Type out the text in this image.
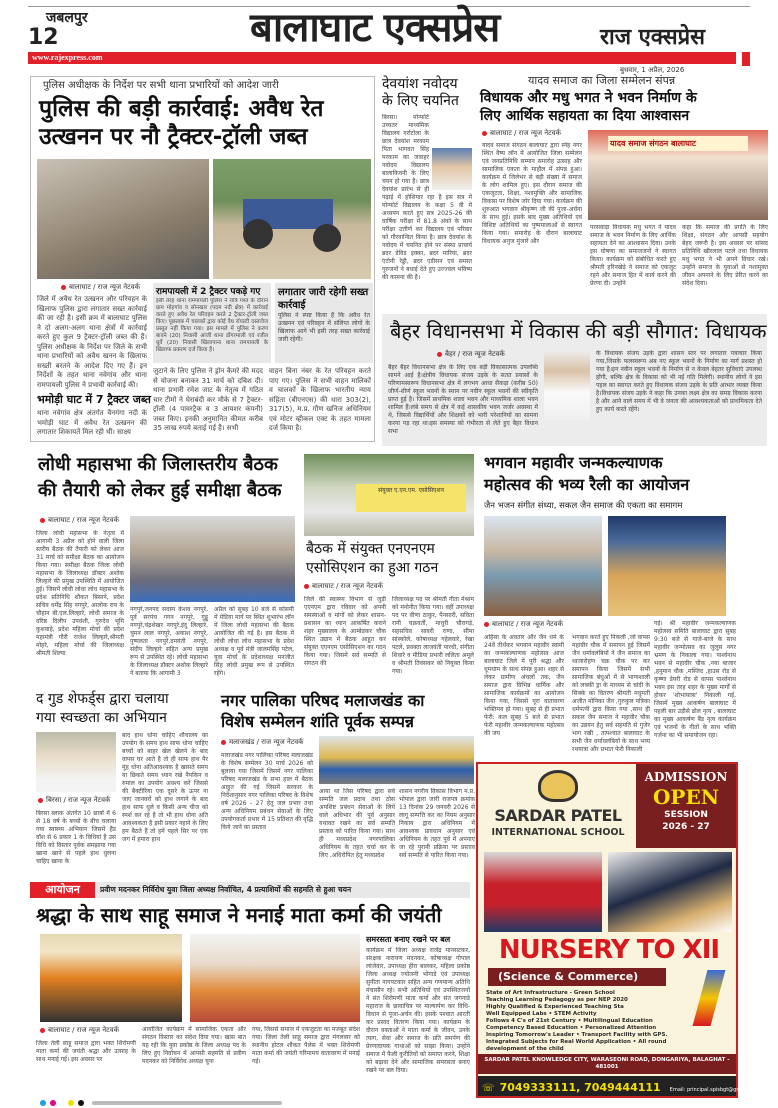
जबलपुर
12	बालाघाट एक्सप्रेस	राज एक्सप्रेस
www.rajexpress.com
बुधवार, 1 अप्रैल, 2026
पुलिस अधीक्षक के निर्देश पर सभी थाना प्रभारियों को आदेश जारी
पुलिस की बड़ी कार्रवाई: अवैध रेत
उत्खनन पर नौ ट्रैक्टर-ट्रॉली जब्त
बालाघाट / राज न्यूज नेटवर्क
जिले में अवैध रेत उत्खनन और परिवहन के खिलाफ पुलिस द्वारा लगातार सख्त कार्रवाई की जा रही है। इसी क्रम में बालाघाट पुलिस ने दो अलग-अलग थाना क्षेत्रों में कार्रवाई करते हुए कुल 9 ट्रैक्टर-ट्रॉली जब्त की हैं। पुलिस अधीक्षक के निर्देश पर जिले के सभी थाना प्रभारियों को अवैध खनन के खिलाफ सख्ती बरतने के आदेश दिए गए हैं। इन निर्देशों के तहत थाना नवेगांव और थाना रामपायली पुलिस ने प्रभावी कार्रवाई की।
भमोड़ी घाट में 7 ट्रैक्टर जब्त
थाना नवेगांव क्षेत्र अंतर्गत वैनगंगा नदी के भमोड़ी घाट में अवैध रेत उत्खनन की लगातार शिकायतें मिल रही थीं। साक्ष्य
रामपायली में 2 ट्रैक्टर पकड़े गए
इसी तरह थाना रामपायली पुलिस ने रात्रि गश्त के दौरान ग्राम मोहगांव व सोनखार (पदम नदी क्षेत्र) में कार्रवाई करते हुए अवैध रेत परिवहन करते 2 ट्रैक्टर-ट्रॉली जब्त किए। पूछताछ में चालकों द्वारा कोई वैध रॉयल्टी दस्तावेज प्रस्तुत नहीं किया गया। इस मामले में पुलिस ने करण बावने (20) निवासी आंजी थाना डोंगरमाली एवं रजीत धुर्वे (20) निवासी खिलापाना थाना रामपायली के खिलाफ प्रकरण दर्ज किया है।
लगातार जारी रहेगी सख्त कार्रवाई
पुलिस ने स्पष्ट किया है कि अवैध रेत उत्खनन एवं परिवहन में संलिप्त लोगों के खिलाफ आगे भी इसी तरह सख्त कार्रवाई जारी रहेगी।
जुटाने के लिए पुलिस ने ड्रोन कैमरे की मदद से योजना बनाकर 31 मार्च को दबिश दी। थाना प्रभारी रमेश जाट के नेतृत्व में गठित चार टीमों ने घेराबंदी कर मौके से 7 ट्रैक्टर-ट्रॉली (4 पावरट्रैक व 3 आयशर कंपनी) जब्त किए। इनकी अनुमानित कीमत करीब 35 लाख रुपये बताई गई है। सभी
वाहन बिना नंबर के रेत परिवहन करते पाए गए। पुलिस ने सभी वाहन मालिकों व चालकों के खिलाफ भारतीय न्याय संहिता (बीएनएस) की धारा 303(2), 317(5), म.प्र. गौण खनिज अधिनियम एवं मोटर व्हीकल एक्ट के तहत मामला दर्ज किया है।
देवयांश नवोदय
के लिए चयनित
बिरसा। मोन्फोर्ट उच्चतर माध्यमिक विद्यालय गर्राटोला के छात्र देवयांश मरकाम पिता भागवत सिंह मरकाम का जवाहर नवोदय विद्यालय बालाकिवनी के लिए चयन हो गया है। छात्र देवयांश प्रारंभ से ही पढ़ाई में होशियार रहा है इस सत्र में मोन्फोर्ट विद्यालय के कक्षा 5 वी में अध्ययन करते हुए सत्र 2025-26 की वार्षिक परीक्षा में 81.8 अंको के साथ परीक्षा उत्तीर्ण कर विद्यालय एवं परिवार को गौरवान्वित किया है। छात्र देवयांश के नवोदय में चयनित होने पर संस्था प्राचार्य ब्रदर डेविड इक्का, ब्रदर मारिया, ब्रदर एंटोनी रेड्डी, ब्रदर एडीसन एवं समस्त गुरुजनों ने बधाई देते हुए उज्ज्वल भविष्य की कामना की है।
यादव समाज का जिला सम्मेलन संपन्न
विधायक और मधु भगत ने भवन निर्माण के
लिए आर्थिक सहायता का दिया आश्वासन
बालाघाट / राज न्यूज नेटवर्क
यादव समाज संगठन बालाघाट
यादव समाज संगठन बालाघाट द्वारा स्नेह नगर स्थित वैष्य लॉन में आयोजित जिला सम्मेलन एवं जनप्रतिनिधि सम्मान समारोह उत्साह और सामाजिक एकता के माहौल में संपन्न हुआ। कार्यक्रम में जिलेभर से बड़ी संख्या में समाज के लोग शामिल हुए। इस दौरान समाज की एकजुटता, शिक्षा, नशामुक्ति और सामाजिक विकास पर विशेष जोर दिया गया। कार्यक्रम की शुरुआत भगवान श्रीकृष्ण जी की पूजा-अर्चना के साथ हुई। इसके बाद मुख्य अतिथियों एवं विशिष्ट अतिथियों का पुष्पमालाओं से स्वागत किया गया। समारोह के दौरान बालाघाट विधायक अनुज मुंजारे और
परसवाड़ा विधायक मधु भगत ने यादव समाज के भवन निर्माण के लिए आर्थिक सहायता देने का आश्वासन दिया। उनके इस घोषणा का समाजजनों ने स्वागत किया। कार्यक्रम को संबोधित करते हुए श्रीमती हरिनखेड़े ने समाज को एकजुट रहने और समाज हित में कार्य करने की प्रेरणा दी। उन्होंने
कहा कि समाज की प्रगति के लिए शिक्षा, संगठन और आपसी सहयोग बेहद जरूरी है। इस अवसर पर सांसद प्रतिनिधि खीरलाल पटले तथा विधायक मधु भगत ने भी अपने विचार रखे। उन्होंने समाज के युवाओं से नशामुक्त जीवन अपनाने के लिए प्रेरित करने का संदेश दिया।
बैहर विधानसभा में विकास की बड़ी सौगात: विधायक
बैहर / राज न्यूज नेटवर्क
बैहर बैहर विधानसभा क्षेत्र के लिए एक बड़ी विकासात्मक उपलब्धि सामने आई है।क्षेत्रीय विधायक संजय उइके के सतत प्रयासों के परिणामस्वरूप विधानसभा क्षेत्र में लगभग आधा सैकड़ा (करीब 50) जीर्ण-शीर्ण स्कूल भवनों के स्थान पर नवीन स्कूल भवनों की स्वीकृति प्राप्त हुई है। जिसमें प्राथमिक शाला भवन और माध्यमिक शाला भवन शामिल हैं।लंबे समय से क्षेत्र में कई शासकीय भवन जर्जर अवस्था में थे, जिससे विद्यार्थियों और शिक्षकों को भारी परेशानियों का सामना करना पड़ रहा था।इस समस्या को गंभीरता से लेते हुए बैहर विधान सभा
के विधायक संजय उइके द्वारा शासन स्तर पर लगातार पत्राचार किया गया,जिसके फलस्वरूप अब नए स्कूल भवनों के निर्माण का मार्ग प्रशस्त हो गया है।इन नवीन स्कूल भवनों के निर्माण से न केवल बेहतर सुविधाएं उपलब्ध होंगी, बल्कि क्षेत्र के विकास को भी नई गति मिलेगी। स्थानीय लोगों ने इस पहल का स्वागत करते हुए विधायक संजय उइके के प्रति आभार व्यक्त किया है।विधायक संजय उइके ने कहा कि उनका लक्ष्य क्षेत्र का समग्र विकास करना है और आने वाले समय में भी वे जनता की आवश्यकताओं को प्राथमिकता देते हुए कार्य करते रहेंगे।
लोधी महासभा की जिलास्तरीय बैठक
की तैयारी को लेकर हुई समीक्षा बैठक
बालाघाट / राज न्यूज नेटवर्क
जिला लोधी महासभा के नेतृत्व में आगामी 3 अप्रैल को होने वाली जिला स्तरीय बैठक की तैयारी को लेकर आज 31 मार्च को समीक्षा बैठक का आयोजन किया गया। समीक्षा बैठक जिला लोधी महासभा के जिलाध्यक्ष डॉक्टर अशोक लिल्हारे की प्रमुख उपस्थिति में आयोजित हुई। जिसमें लोधी लोधा लोध महासभा के प्रदेश प्रतिनिधि शौकत बिसाने, प्रदेश सचिव धर्मेंद्र सिंह नगपुरे, आलोक राय के चौहान बी.एल.लिल्हारे, लोधी समाज के वरिष्ठ दिलीप उपवंशी, गुरुदेव भूमि कुशवाहे, प्रदेश महिला मोर्चा की प्रदेश महामंत्री गौरी राजेश लिल्हारे,श्रीमती मोहरे, महिला मोर्चा की जिलाध्यक्ष श्रीमती शिल्पा
नगपुरे,जनपद सदस्य केशव नगपुरे, पूर्व सरपंच गगन नगपुरे, गुड्डू नगपुरे,चंद्रशेखर नगपुरे,इंदु लिल्हारे, चुमन लाल नगपुरे, अकाश नगपुरे, पुष्पलता नगपुरे,दमयंती नगपुरे, संदीप लिल्हारे सहित अन्य प्रमुख रूप से उपस्थित रहे। लोधी महासभा के जिलाध्यक्ष डॉक्टर अशोक लिल्हारे ने बताया कि आगामी 3
अप्रैल को सुबह 10 बजे से कोसमी में मेडिया मार्ग पर स्थित शुभारंभ लॉन में जिला लोधी महासभा की बैठक आयोजित की गई है। इस बैठक में लोधी लोधा लोध महासभा के प्रदेश अध्यक्ष व पूर्व मंत्री जालमसिंह पटेल, युवा मोर्चा के प्रदेशाध्यक्ष मनजीत सिंह लोधी प्रमुख रूप से उपस्थित रहेंगे।
संयुक्त ए.एन.एम. एसोसिएशन
बैठक में संयुक्त एनएनएम
एसोसिएशन का हुआ गठन
बालाघाट / राज न्यूज नेटवर्क
जिले की स्वास्थ्य विभाग से जुड़ी एएनएम द्वारा रविवार को अपनी समस्याओं व मांगों को लेकर शासन-प्रशासन का ध्यान आकर्षित कराने शहर मुख्यालय के आम्बेडकर चौक स्थित उद्यान में बैठक आहूत कर संयुक्त एएनएम एसोसिएशन का गठन किया गया। जिसमें सर्व सम्मति से संगठन की
जिलाध्यक्ष पद पर श्रीमती गीता मेश्राम को मनोनीत किया गया। वहीं उपाध्यक्ष पद पर वीणा ठाकुर, पैनसारी, सविता रानी चक्रवर्ती, माधुरी चौरागड़े, सहसचिव सावरी राणा, सीमा सांस्कोले, कोषाध्यक्ष गहेलवारे, रेखा पटले, प्रवक्ता लाजवंती पारधी, संगीता शिवारे व मीडिया प्रभारी ललिता अमूले व श्रीमती तिवसकर को नियुक्त किया गया।
भगवान महावीर जन्मकल्याणक
महोत्सव की भव्य रैली का आयोजन
जैन भजन संगीत संध्या, सकल जैन समाज की एकता का समागम
बालाघाट / राज न्यूज नेटवर्क
अहिंसा के अवतार और जैन धर्म के 24वें तीर्थंकर भगवान महावीर स्वामी का जन्मकल्याणक महोत्सव आज बालाघाट जिले में पूरी श्रद्धा और धूमधाम के साथ संपन्न हुआ। शहर से लेकर ग्रामीण अंचलों तक, जैन समाज द्वारा विभिन्न धार्मिक और सामाजिक कार्यक्रमों का आयोजन किया गया, जिससे पूरा वातावरण भक्तिमय हो गया। सुबह से ही प्रभात फेरी: कल सुबह 5 बजे से प्रभात फेरी महावीर जन्मकल्याणक महोत्सव की जय
भगवान करते हुए निकली ,जो वापस महावीर चौक में समापन हुई जिसमें जैन धर्मावलंबियों ने जैन समाज का ध्वजारोहण चक्र चौक पर कर समापन किया जिसमें सभी सामाजिक बंधुओं में से भाग्यशाली को लक्की ड्रा के माध्यम से चांदी के सिक्के का वितरण श्रीमती मधुमती अजीत मोनिका जैन ,गुरुकुल पत्रिका धर्मपत्नी द्वारा किया गया ,साथ ही सकल जैन समाज ने महावीर चौक का उन्नयन हेतु सर्व सहमति से गुजेर भाग रखी , तत्पश्चात बालाघाट के सभी जैन धर्मावलंबियों के साथ भव्य रथयात्रा और प्रभात फेरी निकाली
गई। श्री महावीर जन्मकल्याणक महोत्सव समिति बालाघाट द्वारा सुबह 9:30 बजे से गाजे-बाजे के साथ महावीर जन्मोत्सव का जुलूस नगर भ्रमण के निकाला गया। पार्श्वनाथ भवन से महावीर चौक ,नया बाजार ,हनुमान चौक ,मस्जिद ,हाउस रोड से कृष्णा डेयरी रोड से वापस पार्श्वनाथ भवन इस तरह शहर के मुख्य मार्गों से होकर 'शोभायात्रा' निकाली गई, जिसमें मुख्य आकर्षण बालाघाट में पहली बार उड़ीसे ढोल नृत्य , बालाघाट का मुख्य आकर्षण बैंड नृत्य कार्यक्रम एवं भजनों के गीतों के साथ भक्ति गर्जना का भी समायोजन रहा।
द गुड शेफर्ड्स द्वारा चलाया
गया स्वच्छता का अभियान
बिरसा / राज न्यूज नेटवर्क
बिरसा ब्लाक अंतर्गत 10 छात्रों में 6 से 18 वर्ष के बच्चों के बीच चलाया गया स्वास्थ्य अभियान जिसमें हैंड वॉश से 6 प्रकार 1 के विधियां है उस विधि को विस्तार पूर्वक समझाया गया खाना खाने से पहले हाथ धुलना चाहिए खाना के
बाद हाथ धोना चाहिए शौचालय का उपयोग के समय हाथ साफ धोना चाहिए बच्चों को बाहर खेल खेलने के बाद वापस घर आते है तो ही साफ हाथ पैर मुंह धोना अतिआवश्यक है खासते समय या छिकते समय ध्यान रखे नैपकिन व रुमाल का उपयोग अवश्य करें जिससे की बैक्टीरिया एक दूसरे के ऊपर ना जाए जानवरों को हाथ लगाने के बाद हाथ साफ धुले व किसी अन्य चीज को स्पर्श कर रहे है तो भी हाथ धोना अति आवश्यकता है इसी प्रकार नहाने के लिए हम बैठते हैं तो हमें पहले सिर पर एक जग में हमारा हाथ
नगर पालिका परिषद मलाजखंड का
विशेष सम्मेलन शांति पूर्वक सम्पन्न
मलाजखंड / राज न्यूज नेटवर्क
मलाजखंड नगर पालिका परिषद मलाजखंड के विशेष सम्मेलन 30 मार्च 2026 को बुलाया गया जिसमें जिसमें नगर पालिका परिषद मलाजखंड के सभा हाल में बैठक आहूत की गई जिसमें सरकार के निर्देशानुसार नगर पालिका परिषद के विशेष वर्ष 2026 - 27 हेतु जल प्रभार तथा अन्य अधिनियम प्रबंधन सेवाओं के लिए उपयोगकर्ता प्रभार में 15 प्रतिशत की वृद्धि किये जाने का प्रस्ताव
आया था जिस परिषद द्वारा सर्व सम्मति जल प्रदाय तथा ठोस अपशिष्ट प्रबंधन सेवाओं के लिये वाले अधिभार की पूर्व अनुसार यथावत रखने का सर्व सम्मति प्रस्ताव को पारित किया गया। साथ ही मध्यप्रदेश नगरपालिका अधिनियम के तहत चर्चा कर के लिए ,अधिरोपित हेतु मध्यप्रदेश
शासन नगरीय विकास विभाग म.प्र. भोपाल द्वारा जारी राजपत्र क्रमांक 13 दिनांक 29 जनवरी 2026 से लागू सम्पत्ति कर का नियम अनुसार निकाय द्वारा अधिनियम में आवश्यक प्रावधान अनुसार एवं अधिनियम के तहत पूर्व में अपनाए जा रहे पुरानी प्रक्रिया पर प्रस्ताव सर्व सम्मति से पारित किया गया।
SARDAR PATEL
INTERNATIONAL SCHOOL
ADMISSION
OPEN
SESSION
2026 - 27
NURSERY TO XII
(Science & Commerce)
State of Art Infrastructure - Green School
Teaching Learning Pedagogy as per NEP 2020
Highly Qualified & Experienced Teaching Sta
Well Equipped Labs • STEM Activity
Follows 4 C's of 21st Century • Multilingual Education
Competency Based Education • Personalized Attention
Inspiring Tomorrow's Leader • Transport Facility with GPS.
Integrated Subjects for Real World Application • All round development of the child
SARDAR PATEL KNOWLEDGE CITY, WARASEONI ROAD, DONGARIYA, BALAGHAT - 481001
☏ 7049333111, 7049444111 Email: principal.spisbgt@gmail.com
आयोजन	प्रवीण मदनकर निर्विरोध युवा जिला अध्यक्ष निर्वाचित, 4 प्रत्याशियों की सहमति से हुआ चयन
श्रद्धा के साथ साहू समाज ने मनाई माता कर्मा की जयंती
बालाघाट / राज न्यूज नेटवर्क
जिला तेली साहू समाज द्वारा भक्त शिरोमणी माता कर्मा की जयंती श्रद्धा और उत्साह के साथ मनाई गई। इस अवसर पर
आयोजित कार्यक्रम में सामाजिक एकता और संगठन विस्तार का संदेश दिया गया। खास बात यह रही कि युवा प्रकोष्ठ के जिला अध्यक्ष पद के लिए हुए निर्वाचन में आपसी सहमति से प्रवीण मदनकर को निर्विरोध अध्यक्ष चुना
गया, जिससे समाज में एकजुटता का मजबूत संदेश गया। जिला तेली साहू समाज द्वारा मंगलवार को स्थानीय होटल शौकत पैलेस में भक्त शिरोमणी माता कर्मा की जयंती गरिमामय वातावरण में मनाई गई।
समरसता बनाए रखने पर बल
कार्यक्रम में जिला अध्यक्ष राजेंद्र मानसटकर, संरक्षक नारायण मदनकर, कोषाध्यक्ष गोपाल लांजेवार, उपाध्यक्ष हीरा बालकर, महिला प्रकोष्ठ जिला अध्यक्ष ज्योत्स्नी भोंगाडे एवं उपाध्यक्ष सुनीता नागपटकार सहित अन्य गणमान्य अतिथि मंचासीन रहे। सभी अतिथियों एवं उपस्थितजनों ने संत शिरोमणी माता कर्मा और संत जगनाडे महाराज के छायाचित्र पर माल्यार्पण कर विधि-विधान से पूजा-अर्चन की। इसके पश्चात आरती कर प्रसाद वितरण किया गया। कार्यक्रम के दौरान वक्ताओं ने माता कर्मा के जीवन, उनके त्याग, सेवा और समाज के प्रति समर्पण की प्रेरणादायक गाथाओं को साझा किया। उन्होंने समाज में फैली कुरीतियों को समाप्त करने, शिक्षा को बढ़ावा देने और सामाजिक समरसता बनाए रखने पर बल दिया।
